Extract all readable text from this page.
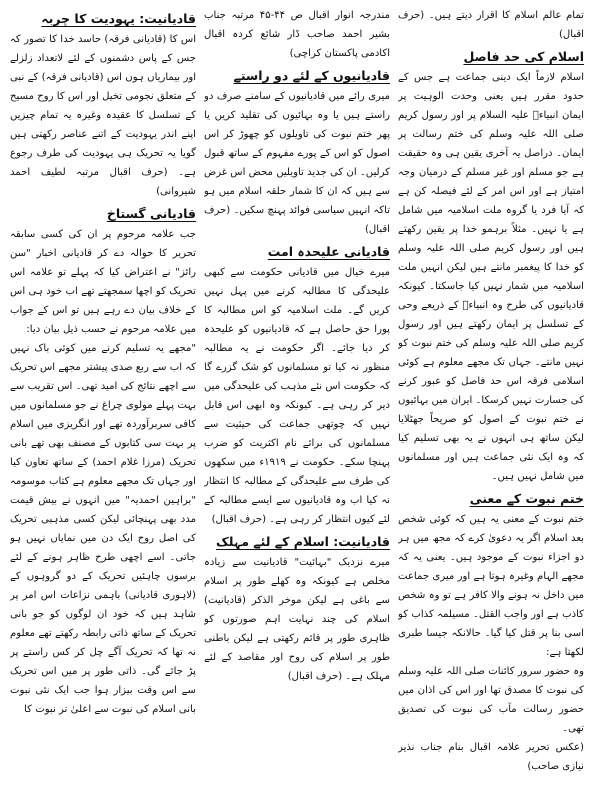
تمام عالم اسلام کا اقرار دیتے ہیں۔ (حرف اقبال)

اسلام کی حد فاصل

اسلام لازماً ایک دینی جماعت ہے جس کے حدود مقرر ہیں یعنی وحدت الوہیت پر ایمان انبیاءؑ علیہ السلام پر اور رسول کریم صلی اللہ علیہ وسلم کی ختم رسالت پر ایمان۔ دراصل یہ آخری یقین ہی وہ حقیقت ہے جو مسلم اور غیر مسلم کے درمیان وجہ امتیاز ہے اور اس امر کے لئے فیصلہ کن ہے کہ آیا فرد یا گروہ ملت اسلامیہ میں شامل ہے یا نہیں۔ مثلاً برہمو خدا پر یقین رکھتے ہیں اور رسول کریم صلی اللہ علیہ وسلم کو خدا کا پیغمبر مانتے ہیں لیکن انہیں ملت اسلامیہ میں شمار نہیں کیا جاسکتا۔ کیونکہ قادیانیوں کی طرح وہ انبیاءؑ کے ذریعے وحی کے تسلسل پر ایمان رکھتے ہیں اور رسول کریم صلی اللہ علیہ وسلم کی ختم نبوت کو نہیں مانتے۔ جہاں تک مجھے معلوم ہے کوئی اسلامی فرقہ اس حد فاصل کو عبور کرنے کی جسارت نہیں کرسکا۔ ایران میں بہائیوں نے ختم نبوت کے اصول کو صریحاً جھٹلایا لیکن ساتھ ہی انہوں نے یہ بھی تسلیم کیا کہ وہ ایک نئی جماعت ہیں اور مسلمانوں میں شامل نہیں ہیں۔

ختم نبوت کے معنی

ختم نبوت کے معنی یہ ہیں کہ کوئی شخص بعد اسلام اگر یہ دعویٰ کرے کہ مجھ میں ہر دو اجزاء نبوت کے موجود ہیں۔ یعنی یہ کہ مجھے الہام وغیرہ ہوتا ہے اور میری جماعت میں داخل نہ ہونے والا کافر ہے تو وہ شخص کاذب ہے اور واجب القتل۔ مسیلمہ کذاب کو اسی بنا پر قتل کیا گیا۔ حالانکہ جیسا طبری لکھتا ہے:

وہ حضور سرور کائنات صلی اللہ علیہ وسلم کی نبوت کا مصدق تھا اور اس کی اذان میں حضور رسالت مآب کی نبوت کی تصدیق تھی۔

(عکس تحریر علامہ اقبال بنام جناب نذیر نیازی صاحب)

مندرجہ انوار اقبال ص ۴۴-۴۵ مرتبہ جناب بشیر احمد صاحب ڈار شائع کردہ اقبال اکادمی پاکستان کراچی)

قادیانیوں کے لئے دو راستے

میری رائے میں قادیانیوں کے سامنے صرف دو راستے ہیں یا وہ بہائیوں کی تقلید کریں یا پھر ختم نبوت کی تاویلوں کو چھوڑ کر اس اصول کو اس کے پورے مفہوم کے ساتھ قبول کرلیں۔ ان کی جدید تاویلیں محض اس غرض سے ہیں کہ ان کا شمار حلقہ اسلام میں ہو تاکہ انہیں سیاسی فوائد پہنچ سکیں۔ (حرف اقبال)

قادیانی علیحدہ امت

میرے خیال میں قادیانی حکومت سے کبھی علیحدگی کا مطالبہ کرنے میں پہل نہیں کریں گے۔ ملت اسلامیہ کو اس مطالبہ کا پورا حق حاصل ہے کہ قادیانیوں کو علیحدہ کر دیا جائے۔ اگر حکومت نے یہ مطالبہ منظور نہ کیا تو مسلمانوں کو شک گزرے گا کہ حکومت اس نئے مذہب کی علیحدگی میں دیر کر رہی ہے۔ کیونکہ وہ ابھی اس قابل نہیں کہ چوتھی جماعت کی حیثیت سے مسلمانوں کی برائے نام اکثریت کو ضرب پہنچا سکے۔ حکومت نے ۱۹۱۹ء میں سکھوں کی طرف سے علیحدگی کے مطالبہ کا انتظار نہ کیا اب وہ قادیانیوں سے ایسے مطالبہ کے لئے کیوں انتظار کر رہی ہے۔ (حرف اقبال)

قادیانیت: اسلام کے لئے مہلک

میرے نزدیک "بہائیت" قادیانیت سے زیادہ مخلص ہے کیونکہ وہ کھلے طور پر اسلام سے باغی ہے لیکن موخر الذکر (قادیانیت) اسلام کی چند نہایت اہم صورتوں کو ظاہری طور پر قائم رکھتی ہے لیکن باطنی طور پر اسلام کی روح اور مقاصد کے لئے مہلک ہے۔ (حرف اقبال)

قادیانیت: یہودیت کا چربہ

اس کا (قادیانی فرقہ) حاسد خدا کا تصور کہ جس کے پاس دشمنوں کے لئے لاتعداد زلزلے اور بیماریاں ہوں اس (قادیانی فرقہ) کے نبی کے متعلق نجومی تخیل اور اس کا روح مسیح کے تسلسل کا عقیدہ وغیرہ یہ تمام چیزیں اپنے اندر یہودیت کے اتنے عناصر رکھتی ہیں گویا یہ تحریک ہی یہودیت کی طرف رجوع ہے۔ (حرف اقبال مرتبہ لطیف احمد شیروانی)

قادیانی گستاخ

جب علامہ مرحوم پر ان کی کسی سابقہ تحریر کا حوالہ دے کر قادیانی اخبار "سن رائز" نے اعتراض کیا کہ پہلے تو علامہ اس تحریک کو اچھا سمجھتے تھے اب خود ہی اس کے خلاف بیان دے رہے ہیں تو اس کے جواب میں علامہ مرحوم نے حسب ذیل بیان دیا:

"مجھے یہ تسلیم کرنے میں کوئی باک نہیں کہ اب سے ربع صدی پیشتر مجھے اس تحریک سے اچھے نتائج کی امید تھی۔ اس تقریب سے بہت پہلے مولوی چراغ نے جو مسلمانوں میں کافی سربرآوردہ تھے اور انگریزی میں اسلام پر بہت سی کتابوں کے مصنف بھی تھے بانی تحریک (مرزا غلام احمد) کے ساتھ تعاون کیا اور جہاں تک مجھے معلوم ہے کتاب موسومہ "براہین احمدیہ" میں انہوں نے بیش قیمت مدد بھی پہنچائی لیکن کسی مذہبی تحریک کی اصل روح ایک دن میں نمایاں نہیں ہو جاتی۔ اسے اچھی طرح ظاہر ہونے کے لئے برسوں چاہئیں تحریک کے دو گروہوں کے (لاہوری قادیانی) باہمی نزاعات اس امر پر شاہد ہیں کہ خود ان لوگوں کو جو بانی تحریک کے ساتھ ذاتی رابطہ رکھتے تھے معلوم نہ تھا کہ تحریک آگے چل کر کس راستے پر پڑ جائے گی۔ ذاتی طور پر میں اس تحریک سے اس وقت بیزار ہوا جب ایک نئی نبوت بانی اسلام کی نبوت سے اعلیٰ تر نبوت کا
